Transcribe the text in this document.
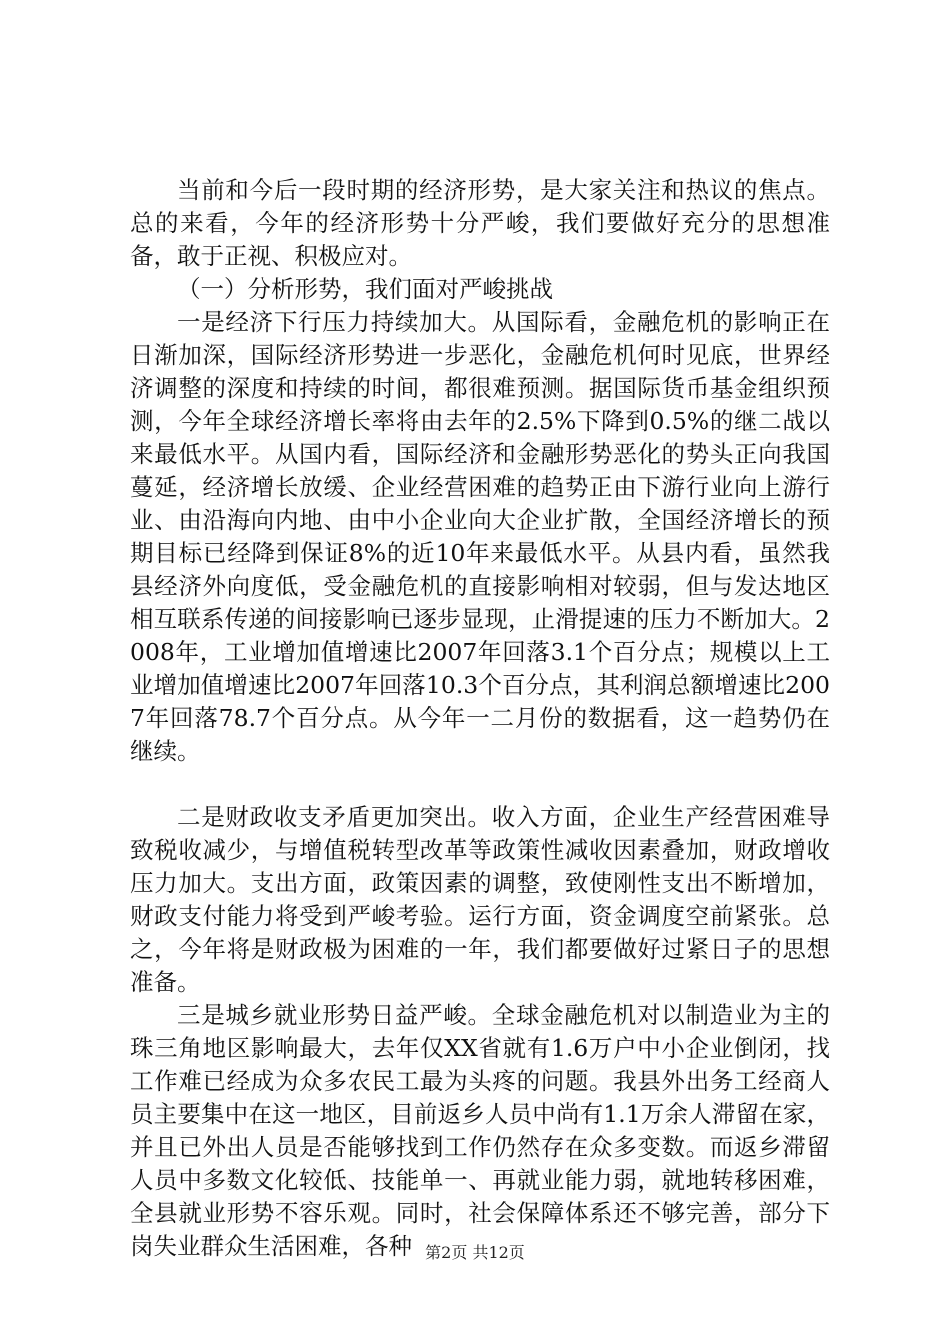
当前和今后一段时期的经济形势，是大家关注和热议的焦点。总的来看，今年的经济形势十分严峻，我们要做好充分的思想准备，敢于正视、积极应对。

（一）分析形势，我们面对严峻挑战

一是经济下行压力持续加大。从国际看，金融危机的影响正在日渐加深，国际经济形势进一步恶化，金融危机何时见底，世界经济调整的深度和持续的时间，都很难预测。据国际货币基金组织预测，今年全球经济增长率将由去年的2.5%下降到0.5%的继二战以来最低水平。从国内看，国际经济和金融形势恶化的势头正向我国蔓延，经济增长放缓、企业经营困难的趋势正由下游行业向上游行业、由沿海向内地、由中小企业向大企业扩散，全国经济增长的预期目标已经降到保证8%的近10年来最低水平。从县内看，虽然我县经济外向度低，受金融危机的直接影响相对较弱，但与发达地区相互联系传递的间接影响已逐步显现，止滑提速的压力不断加大。2008年，工业增加值增速比2007年回落3.1个百分点；规模以上工业增加值增速比2007年回落10.3个百分点，其利润总额增速比2007年回落78.7个百分点。从今年一二月份的数据看，这一趋势仍在继续。

二是财政收支矛盾更加突出。收入方面，企业生产经营困难导致税收减少，与增值税转型改革等政策性减收因素叠加，财政增收压力加大。支出方面，政策因素的调整，致使刚性支出不断增加，财政支付能力将受到严峻考验。运行方面，资金调度空前紧张。总之，今年将是财政极为困难的一年，我们都要做好过紧日子的思想准备。

三是城乡就业形势日益严峻。全球金融危机对以制造业为主的珠三角地区影响最大，去年仅XX省就有1.6万户中小企业倒闭，找工作难已经成为众多农民工最为头疼的问题。我县外出务工经商人员主要集中在这一地区，目前返乡人员中尚有1.1万余人滞留在家，并且已外出人员是否能够找到工作仍然存在众多变数。而返乡滞留人员中多数文化较低、技能单一、再就业能力弱，就地转移困难，全县就业形势不容乐观。同时，社会保障体系还不够完善，部分下岗失业群众生活困难，各种 第2页 共12页
